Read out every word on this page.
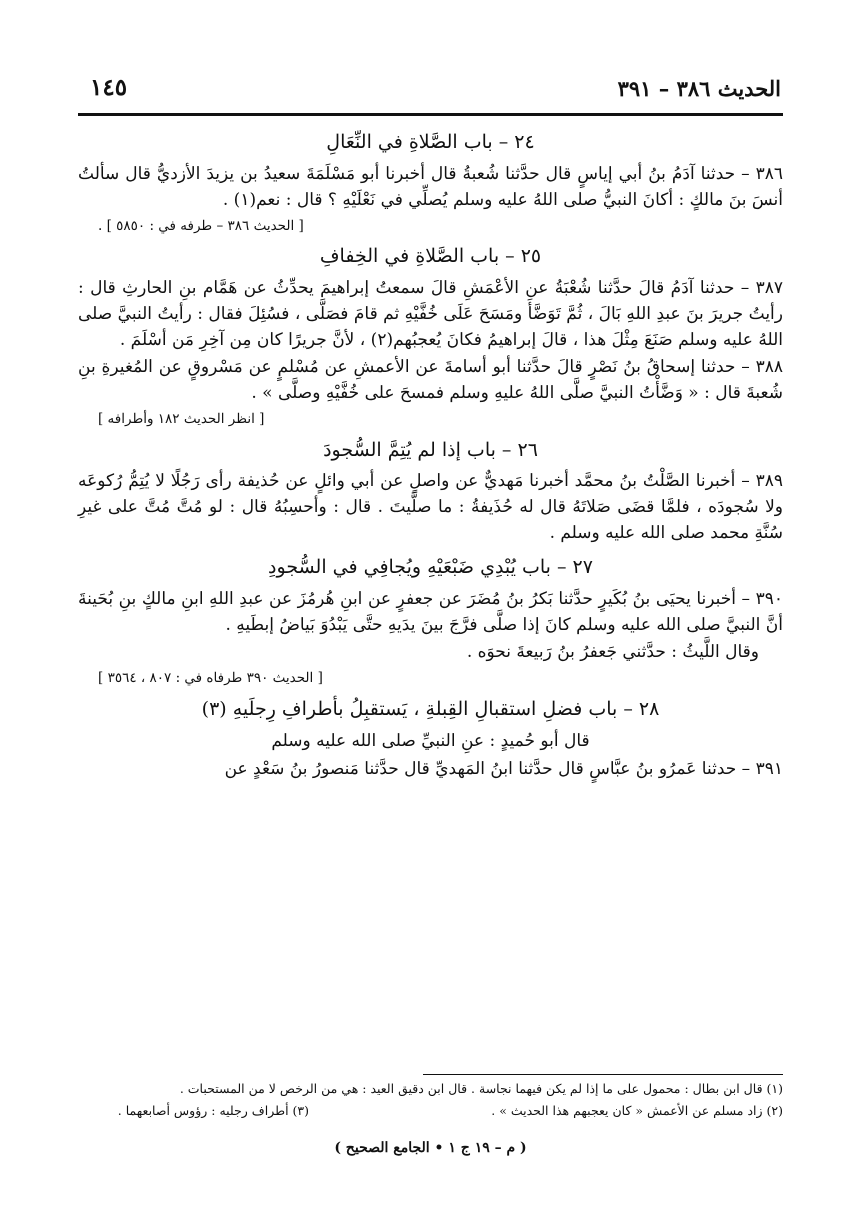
الحديث ٣٨٦ – ٣٩١
١٤٥

٢٤ – باب الصَّلاةِ في النِّعَالِ

٣٨٦ – حدثنا آدَمُ بنُ أبي إياسٍ قال حدَّثنا شُعبةُ قال أخبرنا أبو مَسْلَمَةَ سعيدُ بن يزيدَ الأزديُّ قال سألتُ أنسَ بنَ مالكٍ : أكانَ النبيُّ صلى اللهُ عليه وسلم يُصلِّي في نَعْلَيْهِ ؟ قال : نعم(١) .

[ الحديث ٣٨٦ – طرفه في : ٥٨٥٠ ] .

٢٥ – باب الصَّلاةِ في الخِفافِ

٣٨٧ – حدثنا آدَمُ قالَ حدَّثنا شُعْبَةُ عن الأعْمَشِ قالَ سمعتُ إبراهيمَ يحدِّثُ عن هَمَّام بنِ الحارثِ قال : رأيتُ جريرَ بنَ عبدِ اللهِ بَالَ ، ثُمَّ تَوَضَّأَ ومَسَحَ عَلَى خُفَّيْهِ ثم قامَ فصَلَّى ، فسُئِلَ فقال : رأيتُ النبيَّ صلى اللهُ عليه وسلم صَنَعَ مِثْلَ هذا ، قالَ إبراهيمُ فكانَ يُعجبُهم(٢) ، لأنَّ جريرًا كان مِن آخِرِ مَن أسْلَمَ .

٣٨٨ – حدثنا إسحاقُ بنُ نَصْرٍ قالَ حدَّثنا أبو أسامةَ عن الأعمشِ عن مُسْلمٍ عن مَسْروقٍ عن المُغيرةِ بنِ شُعبةَ قال : « وَضَّأْتُ النبيَّ صلَّى اللهُ عليهِ وسلم فمسحَ على خُفَّيْهِ وصلَّى » .

[ انظر الحديث ١٨٢ وأطرافه ]

٢٦ – باب إذا لم يُتِمَّ السُّجودَ

٣٨٩ – أخبرنا الصَّلْتُ بنُ محمَّد أخبرنا مَهديٌّ عن واصلٍ عن أبي وائلٍ عن حُذيفة رأى رَجُلًا لا يُتِمُّ رُكوعَه ولا سُجودَه ، فلمَّا قضَى صَلاتَهُ قال له حُذَيفةُ : ما صلَّيتَ . قال : وأحسِبُهُ قال : لو مُتَّ مُتَّ على غيرِ سُنَّةِ محمد صلى الله عليه وسلم .

٢٧ – باب يُبْدِي ضَبْعَيْهِ ويُجافِي في السُّجودِ

٣٩٠ – أخبرنا يحيَى بنُ بُكَيرٍ حدَّثنا بَكرُ بنُ مُضَرَ عن جعفرٍ عن ابنِ هُرمُزَ عن عبدِ اللهِ ابنِ مالكٍ بنِ بُحَينةَ أنَّ النبيَّ صلى الله عليه وسلم كانَ إذا صلَّى فرَّجَ بينَ يدَيهِ حتَّى يَبْدُوَ بَياضُ إبطَيهِ .

وقال اللَّيثُ : حدَّثني جَعفرُ بنُ رَبيعةَ نحوَه .

[ الحديث ٣٩٠ طرفاه في : ٨٠٧ ، ٣٥٦٤ ]

٢٨ – باب فضلِ استقبالِ القِبلةِ ، يَستقبِلُ بأطرافِ رِجلَيهِ (٣)

قال أبو حُميدٍ : عنِ النبيِّ صلى الله عليه وسلم

٣٩١ – حدثنا عَمرُو بنُ عبَّاسٍ قال حدَّثنا ابنُ المَهديِّ قال حدَّثنا مَنصورُ بنُ سَعْدٍ عن

(١) قال ابن بطال : محمول على ما إذا لم يكن فيهما نجاسة . قال ابن دقيق العيد : هي من الرخص لا من المستحبات .
(٢) زاد مسلم عن الأعمش « كان يعجبهم هذا الحديث » . (٣) أطراف رجليه : رؤوس أصابعهما .
( م – ١٩ ج ١ • الجامع الصحيح )
